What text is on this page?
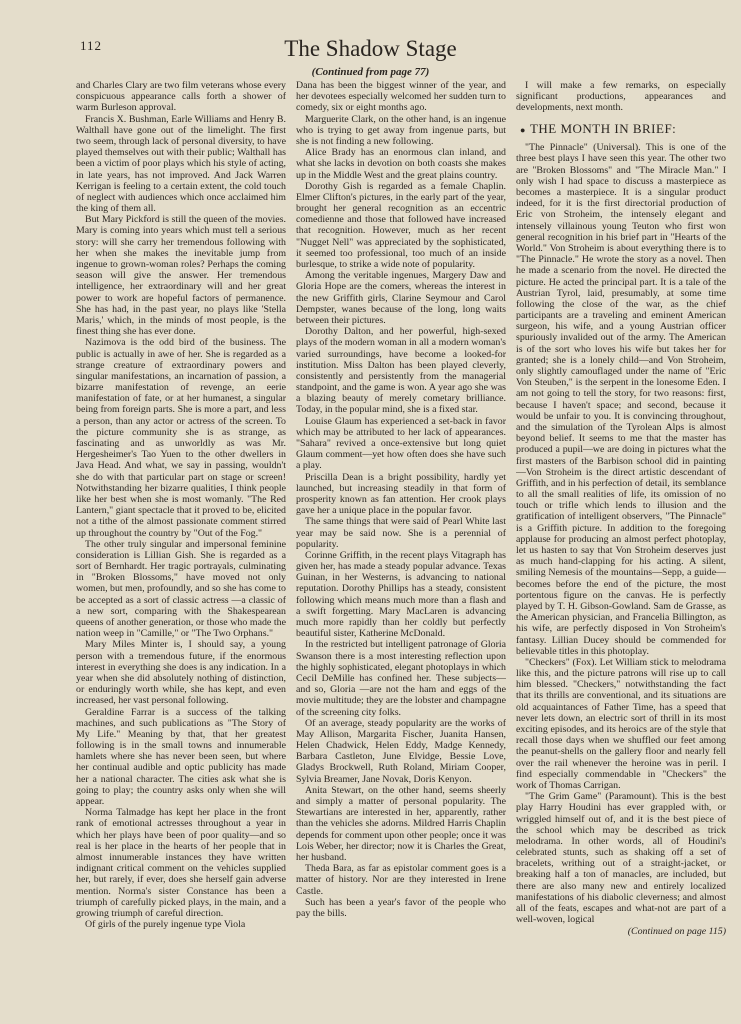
112	The Shadow Stage
(Continued from page 77)

and Charles Clary are two film veterans whose every conspicuous appearance calls forth a shower of warm Burleson approval.

Francis X. Bushman, Earle Williams and Henry B. Walthall have gone out of the limelight. The first two seem, through lack of personal diversity, to have played themselves out with their public; Walthall has been a victim of poor plays which his style of acting, in late years, has not improved. And Jack Warren Kerrigan is feeling to a certain extent, the cold touch of neglect with audiences which once acclaimed him the king of them all.

But Mary Pickford is still the queen of the movies. Mary is coming into years which must tell a serious story: will she carry her tremendous following with her when she makes the inevitable jump from ingenue to grown-woman roles? Perhaps the coming season will give the answer. Her tremendous intelligence, her extraordinary will and her great power to work are hopeful factors of permanence. She has had, in the past year, no plays like 'Stella Maris,' which, in the minds of most people, is the finest thing she has ever done.

Nazimova is the odd bird of the business. The public is actually in awe of her. She is regarded as a strange creature of extraordinary powers and singular manifestations, an incarnation of passion, a bizarre manifestation of revenge, an eerie manifestation of fate, or at her humanest, a singular being from foreign parts. She is more a part, and less a person, than any actor or actress of the screen. To the picture community she is as strange, as fascinating and as unworldly as was Mr. Hergesheimer's Tao Yuen to the other dwellers in Java Head. And what, we say in passing, wouldn't she do with that particular part on stage or screen! Notwithstanding her bizarre qualities, I think people like her best when she is most womanly. "The Red Lantern," giant spectacle that it proved to be, elicited not a tithe of the almost passionate comment stirred up throughout the country by "Out of the Fog."

The other truly singular and impersonal feminine consideration is Lillian Gish. She is regarded as a sort of Bernhardt. Her tragic portrayals, culminating in "Broken Blossoms," have moved not only women, but men, profoundly, and so she has come to be accepted as a sort of classic actress —a classic of a new sort, comparing with the Shakespearean queens of another generation, or those who made the nation weep in "Camille," or "The Two Orphans."

Mary Miles Minter is, I should say, a young person with a tremendous future, if the enormous interest in everything she does is any indication. In a year when she did absolutely nothing of distinction, or enduringly worth while, she has kept, and even increased, her vast personal following.

Geraldine Farrar is a success of the talking machines, and such publications as "The Story of My Life." Meaning by that, that her greatest following is in the small towns and innumerable hamlets where she has never been seen, but where her continual audible and optic publicity has made her a national character. The cities ask what she is going to play; the country asks only when she will appear.

Norma Talmadge has kept her place in the front rank of emotional actresses throughout a year in which her plays have been of poor quality—and so real is her place in the hearts of her people that in almost innumerable instances they have written indignant critical comment on the vehicles supplied her, but rarely, if ever, does she herself gain adverse mention. Norma's sister Constance has been a triumph of carefully picked plays, in the main, and a growing triumph of careful direction.

Of girls of the purely ingenue type Viola

Dana has been the biggest winner of the year, and her devotees especially welcomed her sudden turn to comedy, six or eight months ago.

Marguerite Clark, on the other hand, is an ingenue who is trying to get away from ingenue parts, but she is not finding a new following.

Alice Brady has an enormous clan inland, and what she lacks in devotion on both coasts she makes up in the Middle West and the great plains country.

Dorothy Gish is regarded as a female Chaplin. Elmer Clifton's pictures, in the early part of the year, brought her general recognition as an eccentric comedienne and those that followed have increased that recognition. However, much as her recent "Nugget Nell" was appreciated by the sophisticated, it seemed too professional, too much of an inside burlesque, to strike a wide note of popularity.

Among the veritable ingenues, Margery Daw and Gloria Hope are the comers, whereas the interest in the new Griffith girls, Clarine Seymour and Carol Dempster, wanes because of the long, long waits between their pictures.

Dorothy Dalton, and her powerful, high-sexed plays of the modern woman in all a modern woman's varied surroundings, have become a looked-for institution. Miss Dalton has been played cleverly, consistently and persistently from the managerial standpoint, and the game is won. A year ago she was a blazing beauty of merely cometary brilliance. Today, in the popular mind, she is a fixed star.

Louise Glaum has experienced a set-back in favor which may be attributed to her lack of appearances. "Sahara" revived a once-extensive but long quiet Glaum comment—yet how often does she have such a play.

Priscilla Dean is a bright possibility, hardly yet launched, but increasing steadily in that form of prosperity known as fan attention. Her crook plays gave her a unique place in the popular favor.

The same things that were said of Pearl White last year may be said now. She is a perennial of popularity.

Corinne Griffith, in the recent plays Vitagraph has given her, has made a steady popular advance. Texas Guinan, in her Westerns, is advancing to national reputation. Dorothy Phillips has a steady, consistent following which means much more than a flash and a swift forgetting. Mary MacLaren is advancing much more rapidly than her coldly but perfectly beautiful sister, Katherine McDonald.

In the restricted but intelligent patronage of Gloria Swanson there is a most interesting reflection upon the highly sophisticated, elegant photoplays in which Cecil DeMille has confined her. These subjects—and so, Gloria —are not the ham and eggs of the movie multitude; they are the lobster and champagne of the screening city folks.

Of an average, steady popularity are the works of May Allison, Margarita Fischer, Juanita Hansen, Helen Chadwick, Helen Eddy, Madge Kennedy, Barbara Castleton, June Elvidge, Bessie Love, Gladys Brockwell, Ruth Roland, Miriam Cooper, Sylvia Breamer, Jane Novak, Doris Kenyon.

Anita Stewart, on the other hand, seems sheerly and simply a matter of personal popularity. The Stewartians are interested in her, apparently, rather than the vehicles she adorns. Mildred Harris Chaplin depends for comment upon other people; once it was Lois Weber, her director; now it is Charles the Great, her husband.

Theda Bara, as far as epistolar comment goes is a matter of history. Nor are they interested in Irene Castle.

Such has been a year's favor of the people who pay the bills.

I will make a few remarks, on especially significant productions, appearances and developments, next month.

● THE MONTH IN BRIEF:

"The Pinnacle" (Universal). This is one of the three best plays I have seen this year. The other two are "Broken Blossoms" and "The Miracle Man." I only wish I had space to discuss a masterpiece as becomes a masterpiece. It is a singular product indeed, for it is the first directorial production of Eric von Stroheim, the intensely elegant and intensely villainous young Teuton who first won general recognition in his brief part in "Hearts of the World." Von Stroheim is about everything there is to "The Pinnacle." He wrote the story as a novel. Then he made a scenario from the novel. He directed the picture. He acted the principal part. It is a tale of the Austrian Tyrol, laid, presumably, at some time following the close of the war, as the chief participants are a traveling and eminent American surgeon, his wife, and a young Austrian officer spuriously invalided out of the army. The American is of the sort who loves his wife but takes her for granted; she is a lonely child—and Von Stroheim, only slightly camouflaged under the name of "Eric Von Steuben," is the serpent in the lonesome Eden. I am not going to tell the story, for two reasons: first, because I haven't space; and second, because it would be unfair to you. It is convincing throughout, and the simulation of the Tyrolean Alps is almost beyond belief. It seems to me that the master has produced a pupil—we are doing in pictures what the first masters of the Barbison school did in painting—Von Stroheim is the direct artistic descendant of Griffith, and in his perfection of detail, its semblance to all the small realities of life, its omission of no touch or trifle which lends to illusion and the gratification of intelligent observers, "The Pinnacle" is a Griffith picture. In addition to the foregoing applause for producing an almost perfect photoplay, let us hasten to say that Von Stroheim deserves just as much hand-clapping for his acting. A silent, smiling Nemesis of the mountains—Sepp, a guide—becomes before the end of the picture, the most portentous figure on the canvas. He is perfectly played by T. H. Gibson-Gowland. Sam de Grasse, as the American physician, and Francelia Billington, as his wife, are perfectly disposed in Von Stroheim's fantasy. Lillian Ducey should be commended for believable titles in this photoplay.

"Checkers" (Fox). Let William stick to melodrama like this, and the picture patrons will rise up to call him blessed. "Checkers," notwithstanding the fact that its thrills are conventional, and its situations are old acquaintances of Father Time, has a speed that never lets down, an electric sort of thrill in its most exciting episodes, and its heroics are of the style that recall those days when we shuffled our feet among the peanut-shells on the gallery floor and nearly fell over the rail whenever the heroine was in peril. I find especially commendable in "Checkers" the work of Thomas Carrigan.

"The Grim Game" (Paramount). This is the best play Harry Houdini has ever grappled with, or wriggled himself out of, and it is the best piece of the school which may be described as trick melodrama. In other words, all of Houdini's celebrated stunts, such as shaking off a set of bracelets, writhing out of a straight-jacket, or breaking half a ton of manacles, are included, but there are also many new and entirely localized manifestations of his diabolic cleverness; and almost all of the feats, escapes and what-not are part of a well-woven, logical

(Continued on page 115)
